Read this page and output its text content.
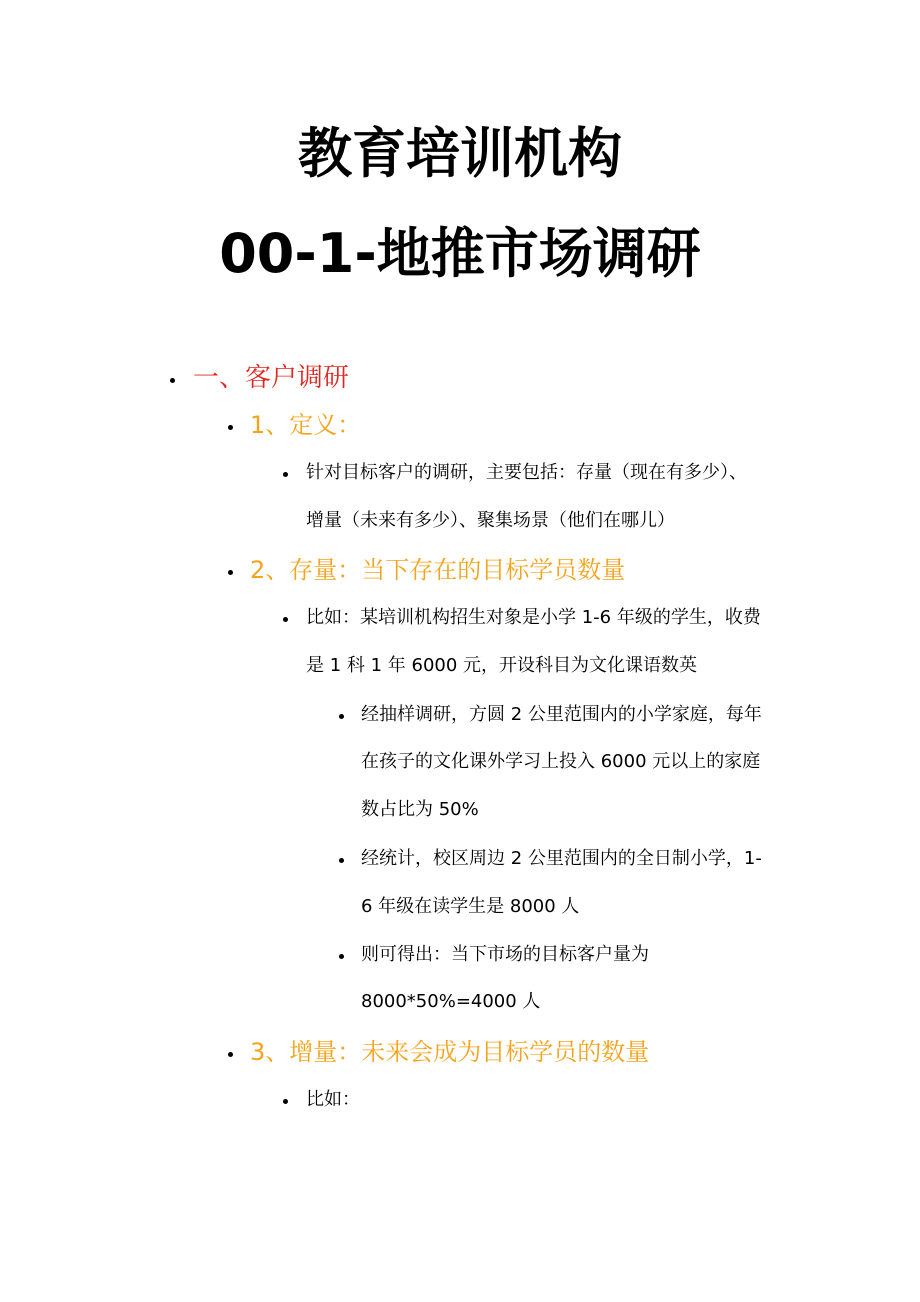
教育培训机构
00-1-地推市场调研
一、客户调研
1、定义：
针对目标客户的调研，主要包括：存量（现在有多少）、
增量（未来有多少）、聚集场景（他们在哪儿）
2、存量：当下存在的目标学员数量
比如：某培训机构招生对象是小学 1-6 年级的学生，收费
是 1 科 1 年 6000 元，开设科目为文化课语数英
经抽样调研，方圆 2 公里范围内的小学家庭，每年
在孩子的文化课外学习上投入 6000 元以上的家庭
数占比为 50%
经统计，校区周边 2 公里范围内的全日制小学，1-
6 年级在读学生是 8000 人
则可得出：当下市场的目标客户量为
8000*50%=4000 人
3、增量：未来会成为目标学员的数量
比如：
